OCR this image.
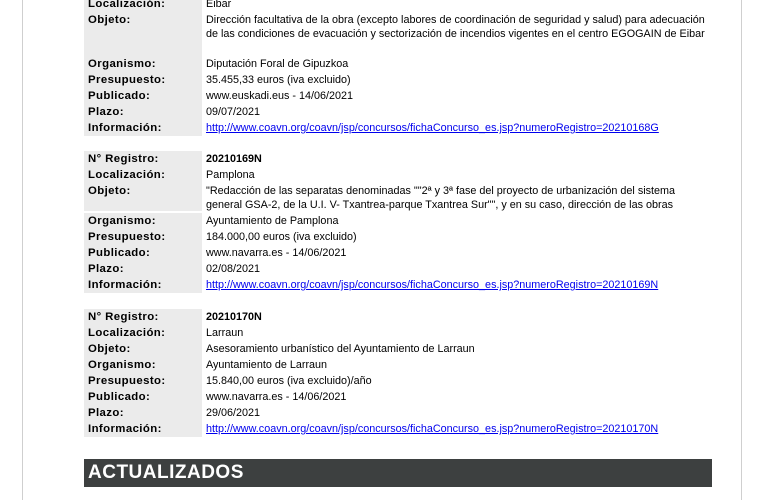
Localización:	Eibar
Objeto:	Dirección facultativa de la obra (excepto labores de coordinación de seguridad y salud) para adecuación de las condiciones de evacuación y sectorización de incendios vigentes en el centro EGOGAIN de Eibar
Organismo:	Diputación Foral de Gipuzkoa
Presupuesto:	35.455,33 euros (iva excluido)
Publicado:	www.euskadi.eus - 14/06/2021
Plazo:	09/07/2021
Información:	http://www.coavn.org/coavn/jsp/concursos/fichaConcurso_es.jsp?numeroRegistro=20210168G
N° Registro:	20210169N
Localización:	Pamplona
Objeto:	"Redacción de las separatas denominadas ""2ª y 3ª fase del proyecto de urbanización del sistema general GSA-2, de la U.I. V- Txantrea-parque Txantrea Sur"", y en su caso, dirección de las obras
Organismo:	Ayuntamiento de Pamplona
Presupuesto:	184.000,00 euros (iva excluido)
Publicado:	www.navarra.es - 14/06/2021
Plazo:	02/08/2021
Información:	http://www.coavn.org/coavn/jsp/concursos/fichaConcurso_es.jsp?numeroRegistro=20210169N
N° Registro:	20210170N
Localización:	Larraun
Objeto:	Asesoramiento urbanístico del Ayuntamiento de Larraun
Organismo:	Ayuntamiento de Larraun
Presupuesto:	15.840,00 euros (iva excluido)/año
Publicado:	www.navarra.es - 14/06/2021
Plazo:	29/06/2021
Información:	http://www.coavn.org/coavn/jsp/concursos/fichaConcurso_es.jsp?numeroRegistro=20210170N
ACTUALIZADOS
